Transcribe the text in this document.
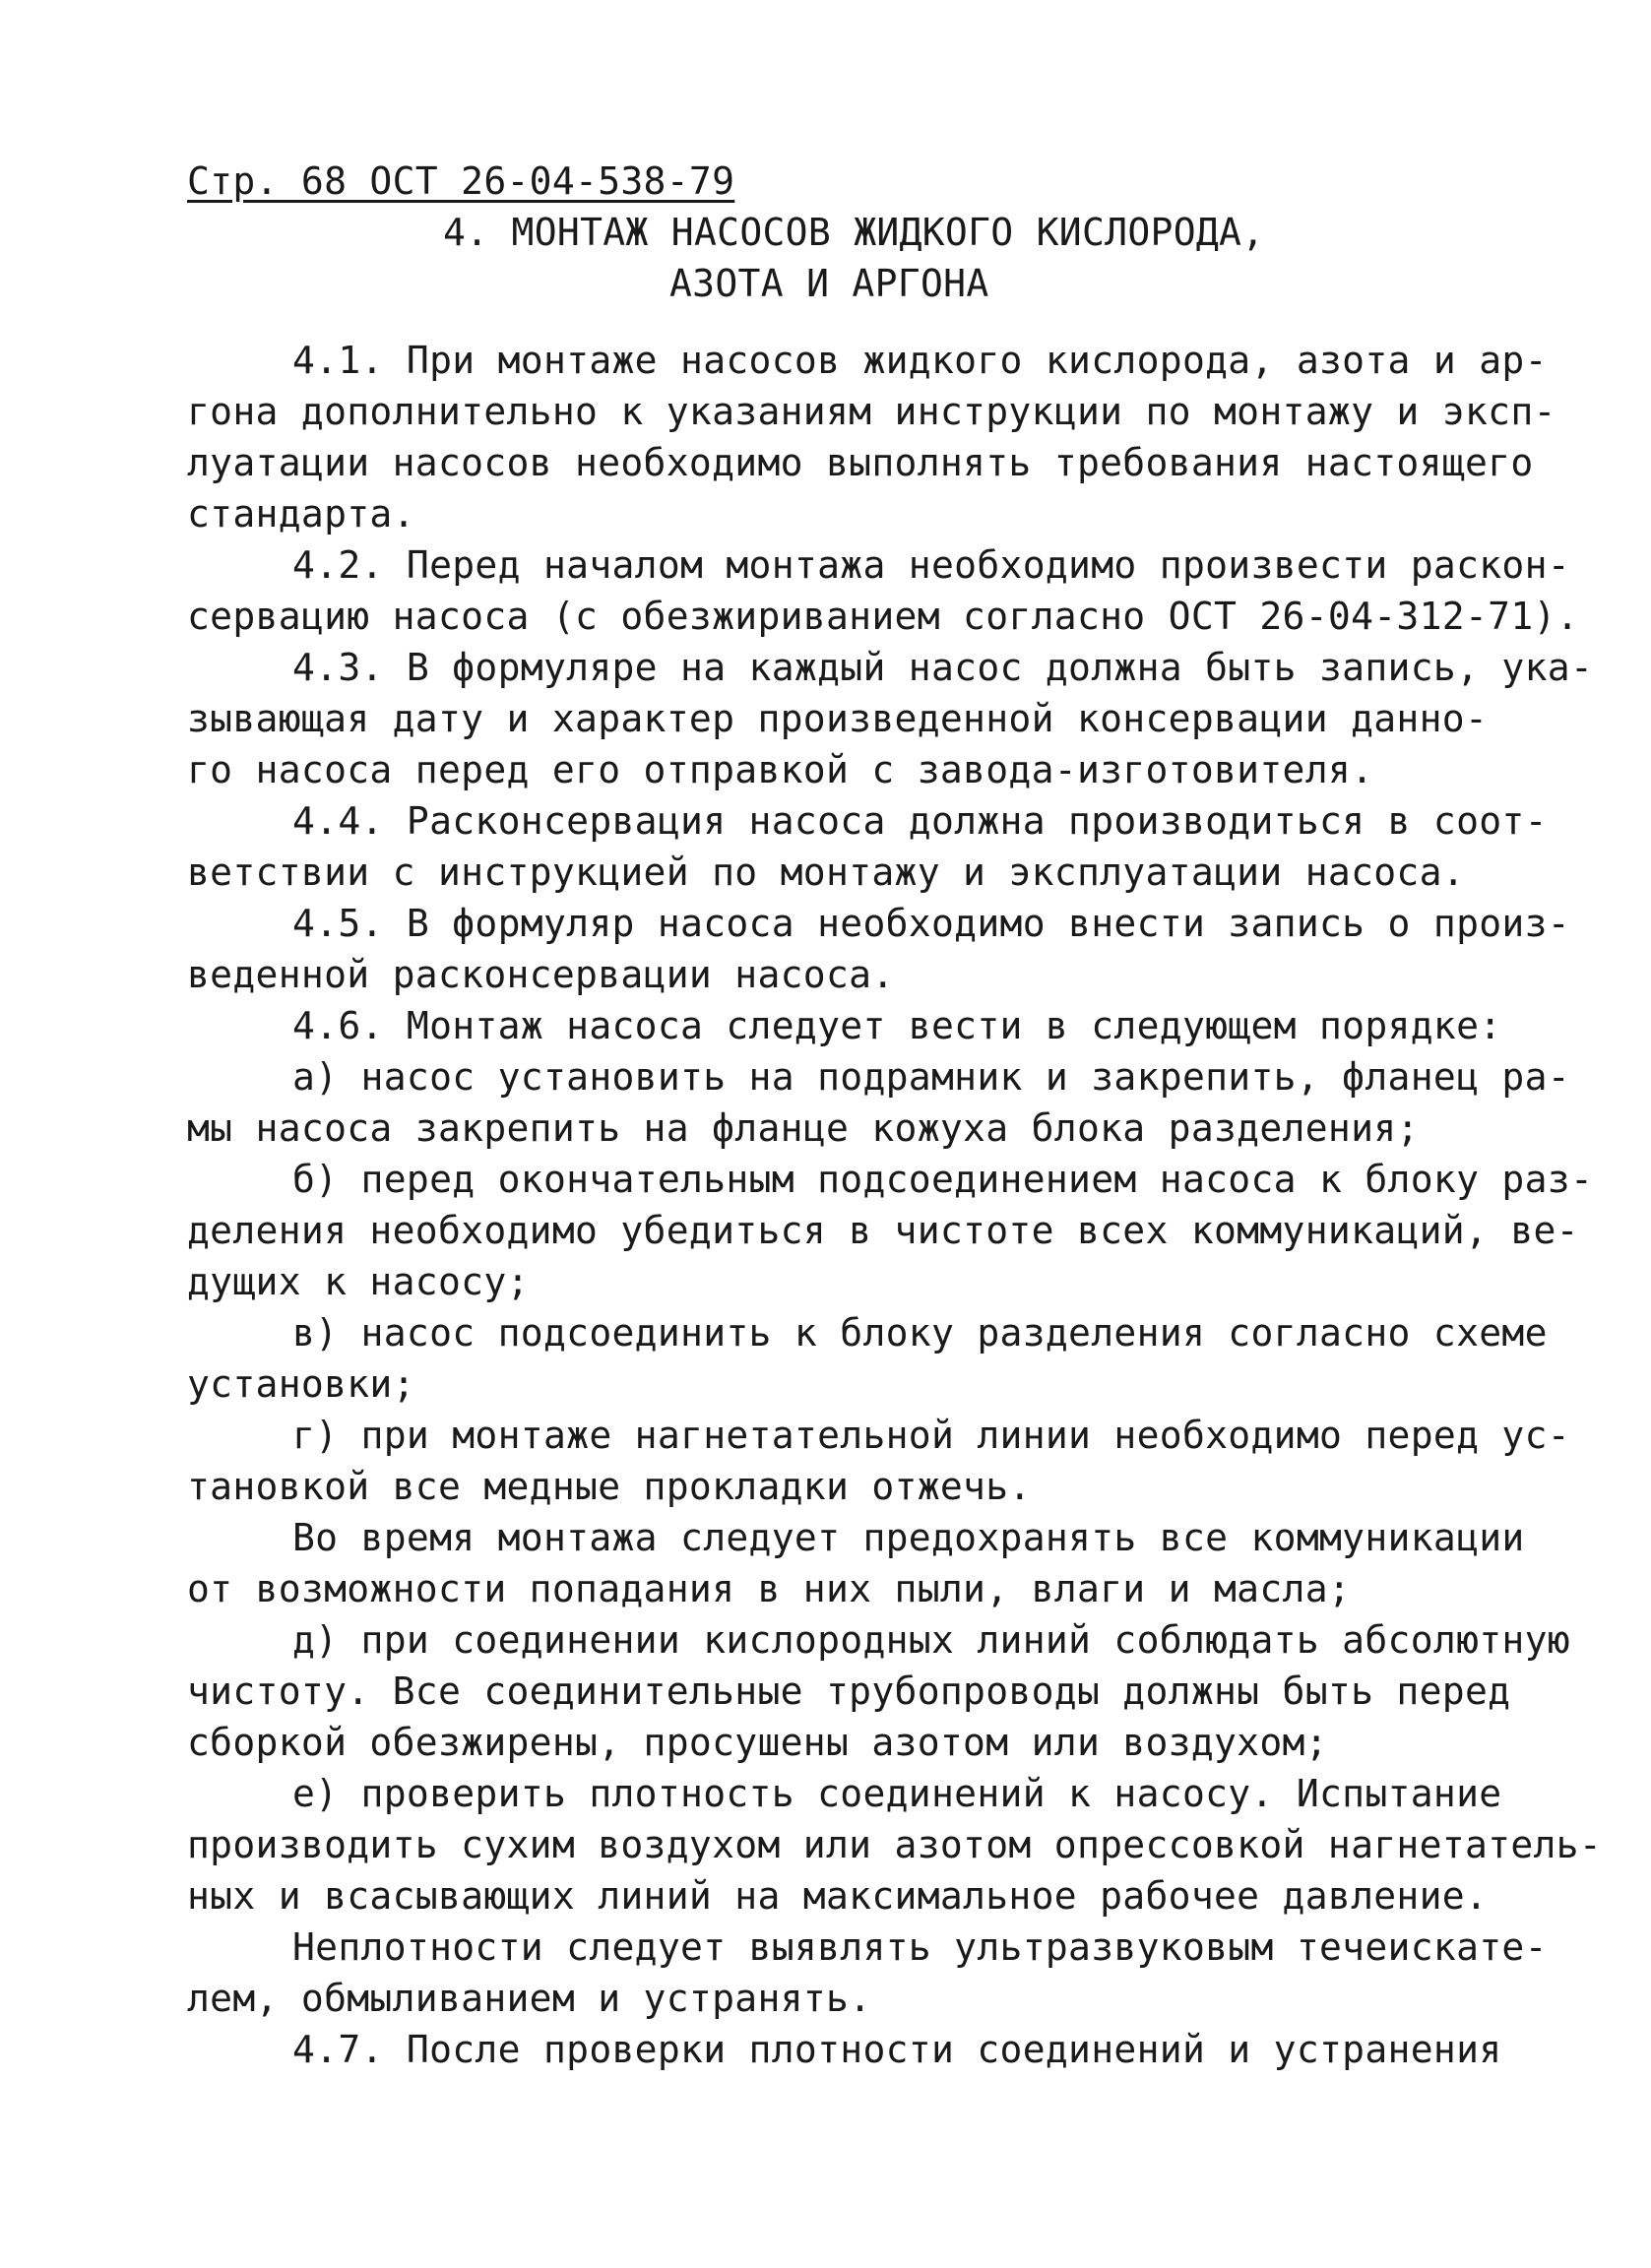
Стр. 68 ОСТ 26-04-538-79
4. МОНТАЖ НАСОСОВ ЖИДКОГО КИСЛОРОДА,
АЗОТА И АРГОНА
4.1. При монтаже насосов жидкого кислорода, азота и ар-
гона дополнительно к указаниям инструкции по монтажу и эксп-
луатации насосов необходимо выполнять требования настоящего
стандарта.
4.2. Перед началом монтажа необходимо произвести раскон-
сервацию насоса (с обезжириванием согласно ОСТ 26-04-312-71).
4.3. В формуляре на каждый насос должна быть запись, ука-
зывающая дату и характер произведенной консервации данно-
го насоса перед его отправкой с завода-изготовителя.
4.4. Расконсервация насоса должна производиться в соот-
ветствии с инструкцией по монтажу и эксплуатации насоса.
4.5. В формуляр насоса необходимо внести запись о произ-
веденной расконсервации насоса.
4.6. Монтаж насоса следует вести в следующем порядке:
а) насос установить на подрамник и закрепить, фланец ра-
мы насоса закрепить на фланце кожуха блока разделения;
б) перед окончательным подсоединением насоса к блоку раз-
деления необходимо убедиться в чистоте всех коммуникаций, ве-
дущих к насосу;
в) насос подсоединить к блоку разделения согласно схеме
установки;
г) при монтаже нагнетательной линии необходимо перед ус-
тановкой все медные прокладки отжечь.
Во время монтажа следует предохранять все коммуникации
от возможности попадания в них пыли, влаги и масла;
д) при соединении кислородных линий соблюдать абсолютную
чистоту. Все соединительные трубопроводы должны быть перед
сборкой обезжирены, просушены азотом или воздухом;
е) проверить плотность соединений к насосу. Испытание
производить сухим воздухом или азотом опрессовкой нагнетатель-
ных и всасывающих линий на максимальное рабочее давление.
Неплотности следует выявлять ультразвуковым течеискате-
лем, обмыливанием и устранять.
4.7. После проверки плотности соединений и устранения
